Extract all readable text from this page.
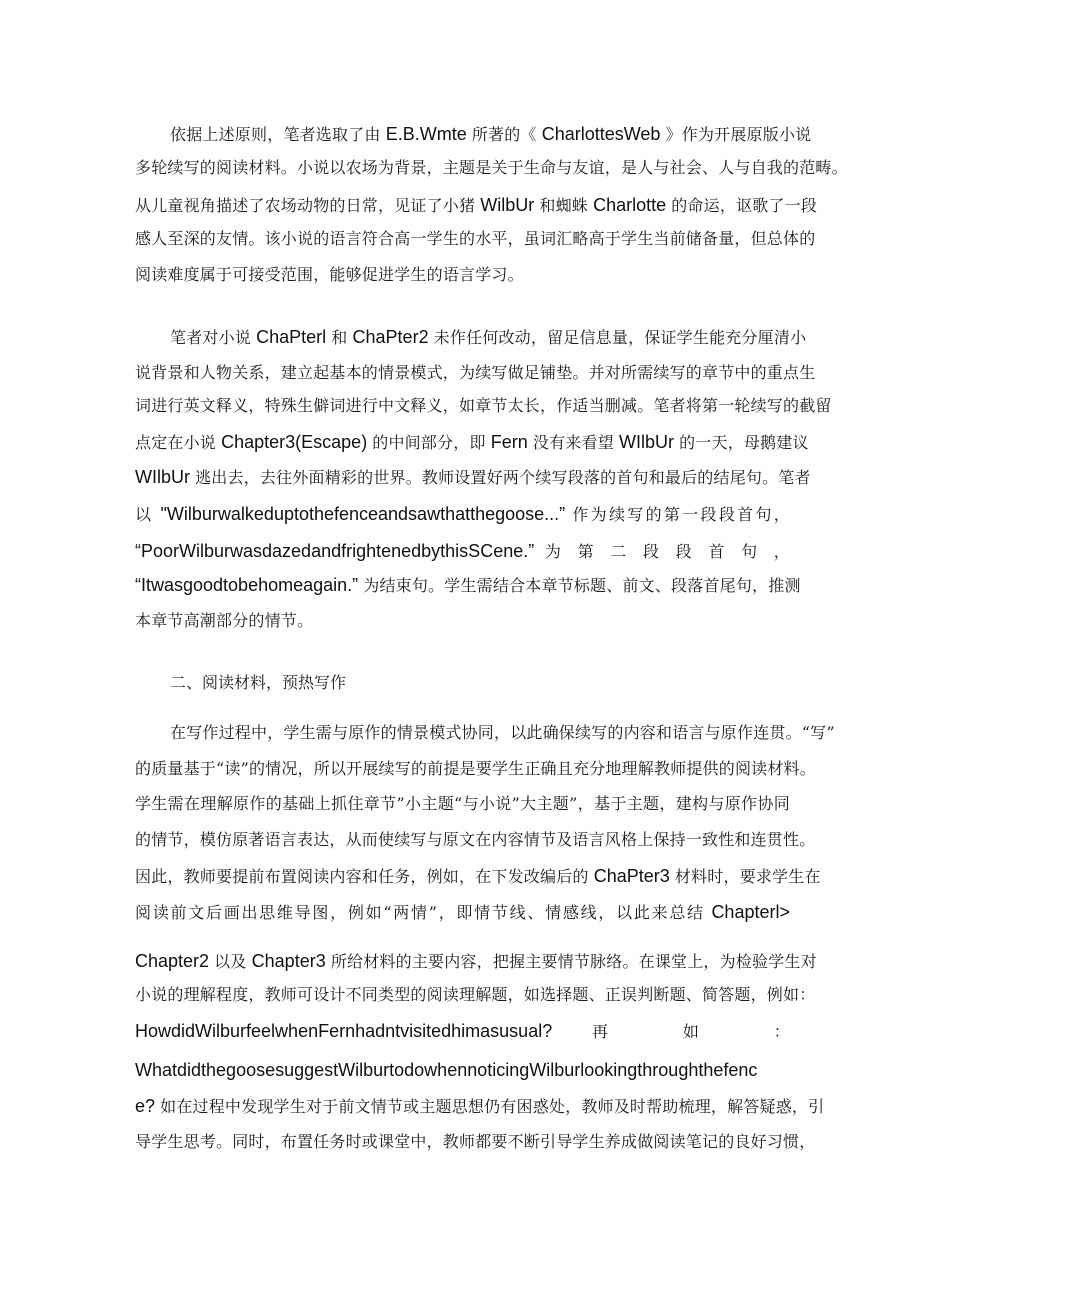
依据上述原则，笔者选取了由 E.B.Wmte 所著的《 CharlottesWeb 》作为开展原版小说
多轮续写的阅读材料。小说以农场为背景，主题是关于生命与友谊，是人与社会、人与自我的范畴。
从儿童视角描述了农场动物的日常，见证了小猪 WilbUr 和蜘蛛 Charlotte 的命运，讴歌了一段
感人至深的友情。该小说的语言符合高一学生的水平，虽词汇略高于学生当前储备量，但总体的
阅读难度属于可接受范围，能够促进学生的语言学习。
笔者对小说 ChaPterl 和 ChaPter2 未作任何改动，留足信息量，保证学生能充分厘清小
说背景和人物关系，建立起基本的情景模式，为续写做足铺垫。并对所需续写的章节中的重点生
词进行英文释义，特殊生僻词进行中文释义，如章节太长，作适当删减。笔者将第一轮续写的截留
点定在小说 Chapter3(Escape) 的中间部分，即 Fern 没有来看望 WIlbUr 的一天，母鹅建议
WIlbUr 逃出去，去往外面精彩的世界。教师设置好两个续写段落的首句和最后的结尾句。笔者
以 "Wilburwalkeduptothefenceandsawthatthegoose...” 作为续写的第一段段首句，
“PoorWilburwasdazedandfrightenedbythisSCene.” 为 第 二 段 段 首 句 ，
“Itwasgoodtobehomeagain.” 为结束句。学生需结合本章节标题、前文、段落首尾句，推测
本章节高潮部分的情节。
在写作过程中，学生需与原作的情景模式协同，以此确保续写的内容和语言与原作连贯。“写”
的质量基于“读”的情况，所以开展续写的前提是要学生正确且充分地理解教师提供的阅读材料。
学生需在理解原作的基础上抓住章节”小主题“与小说”大主题”，基于主题，建构与原作协同
的情节，模仿原著语言表达，从而使续写与原文在内容情节及语言风格上保持一致性和连贯性。
因此，教师要提前布置阅读内容和任务，例如，在下发改编后的 ChaPter3 材料时，要求学生在
阅读前文后画出思维导图，例如“两情”，即情节线、情感线，以此来总结 Chapterl>
Chapter2 以及 Chapter3 所给材料的主要内容，把握主要情节脉络。在课堂上，为检验学生对
小说的理解程度，教师可设计不同类型的阅读理解题，如选择题、正误判断题、简答题，例如：
HowdidWilburfeelwhenFernhadntvisitedhimasusual? 再 如 ：
WhatdidthegoosesuggestWilburtodowhennoticingWilburlookingthroughthefenc
e? 如在过程中发现学生对于前文情节或主题思想仍有困惑处，教师及时帮助梳理，解答疑惑，引
导学生思考。同时，布置任务时或课堂中，教师都要不断引导学生养成做阅读笔记的良好习惯，
二、阅读材料，预热写作
